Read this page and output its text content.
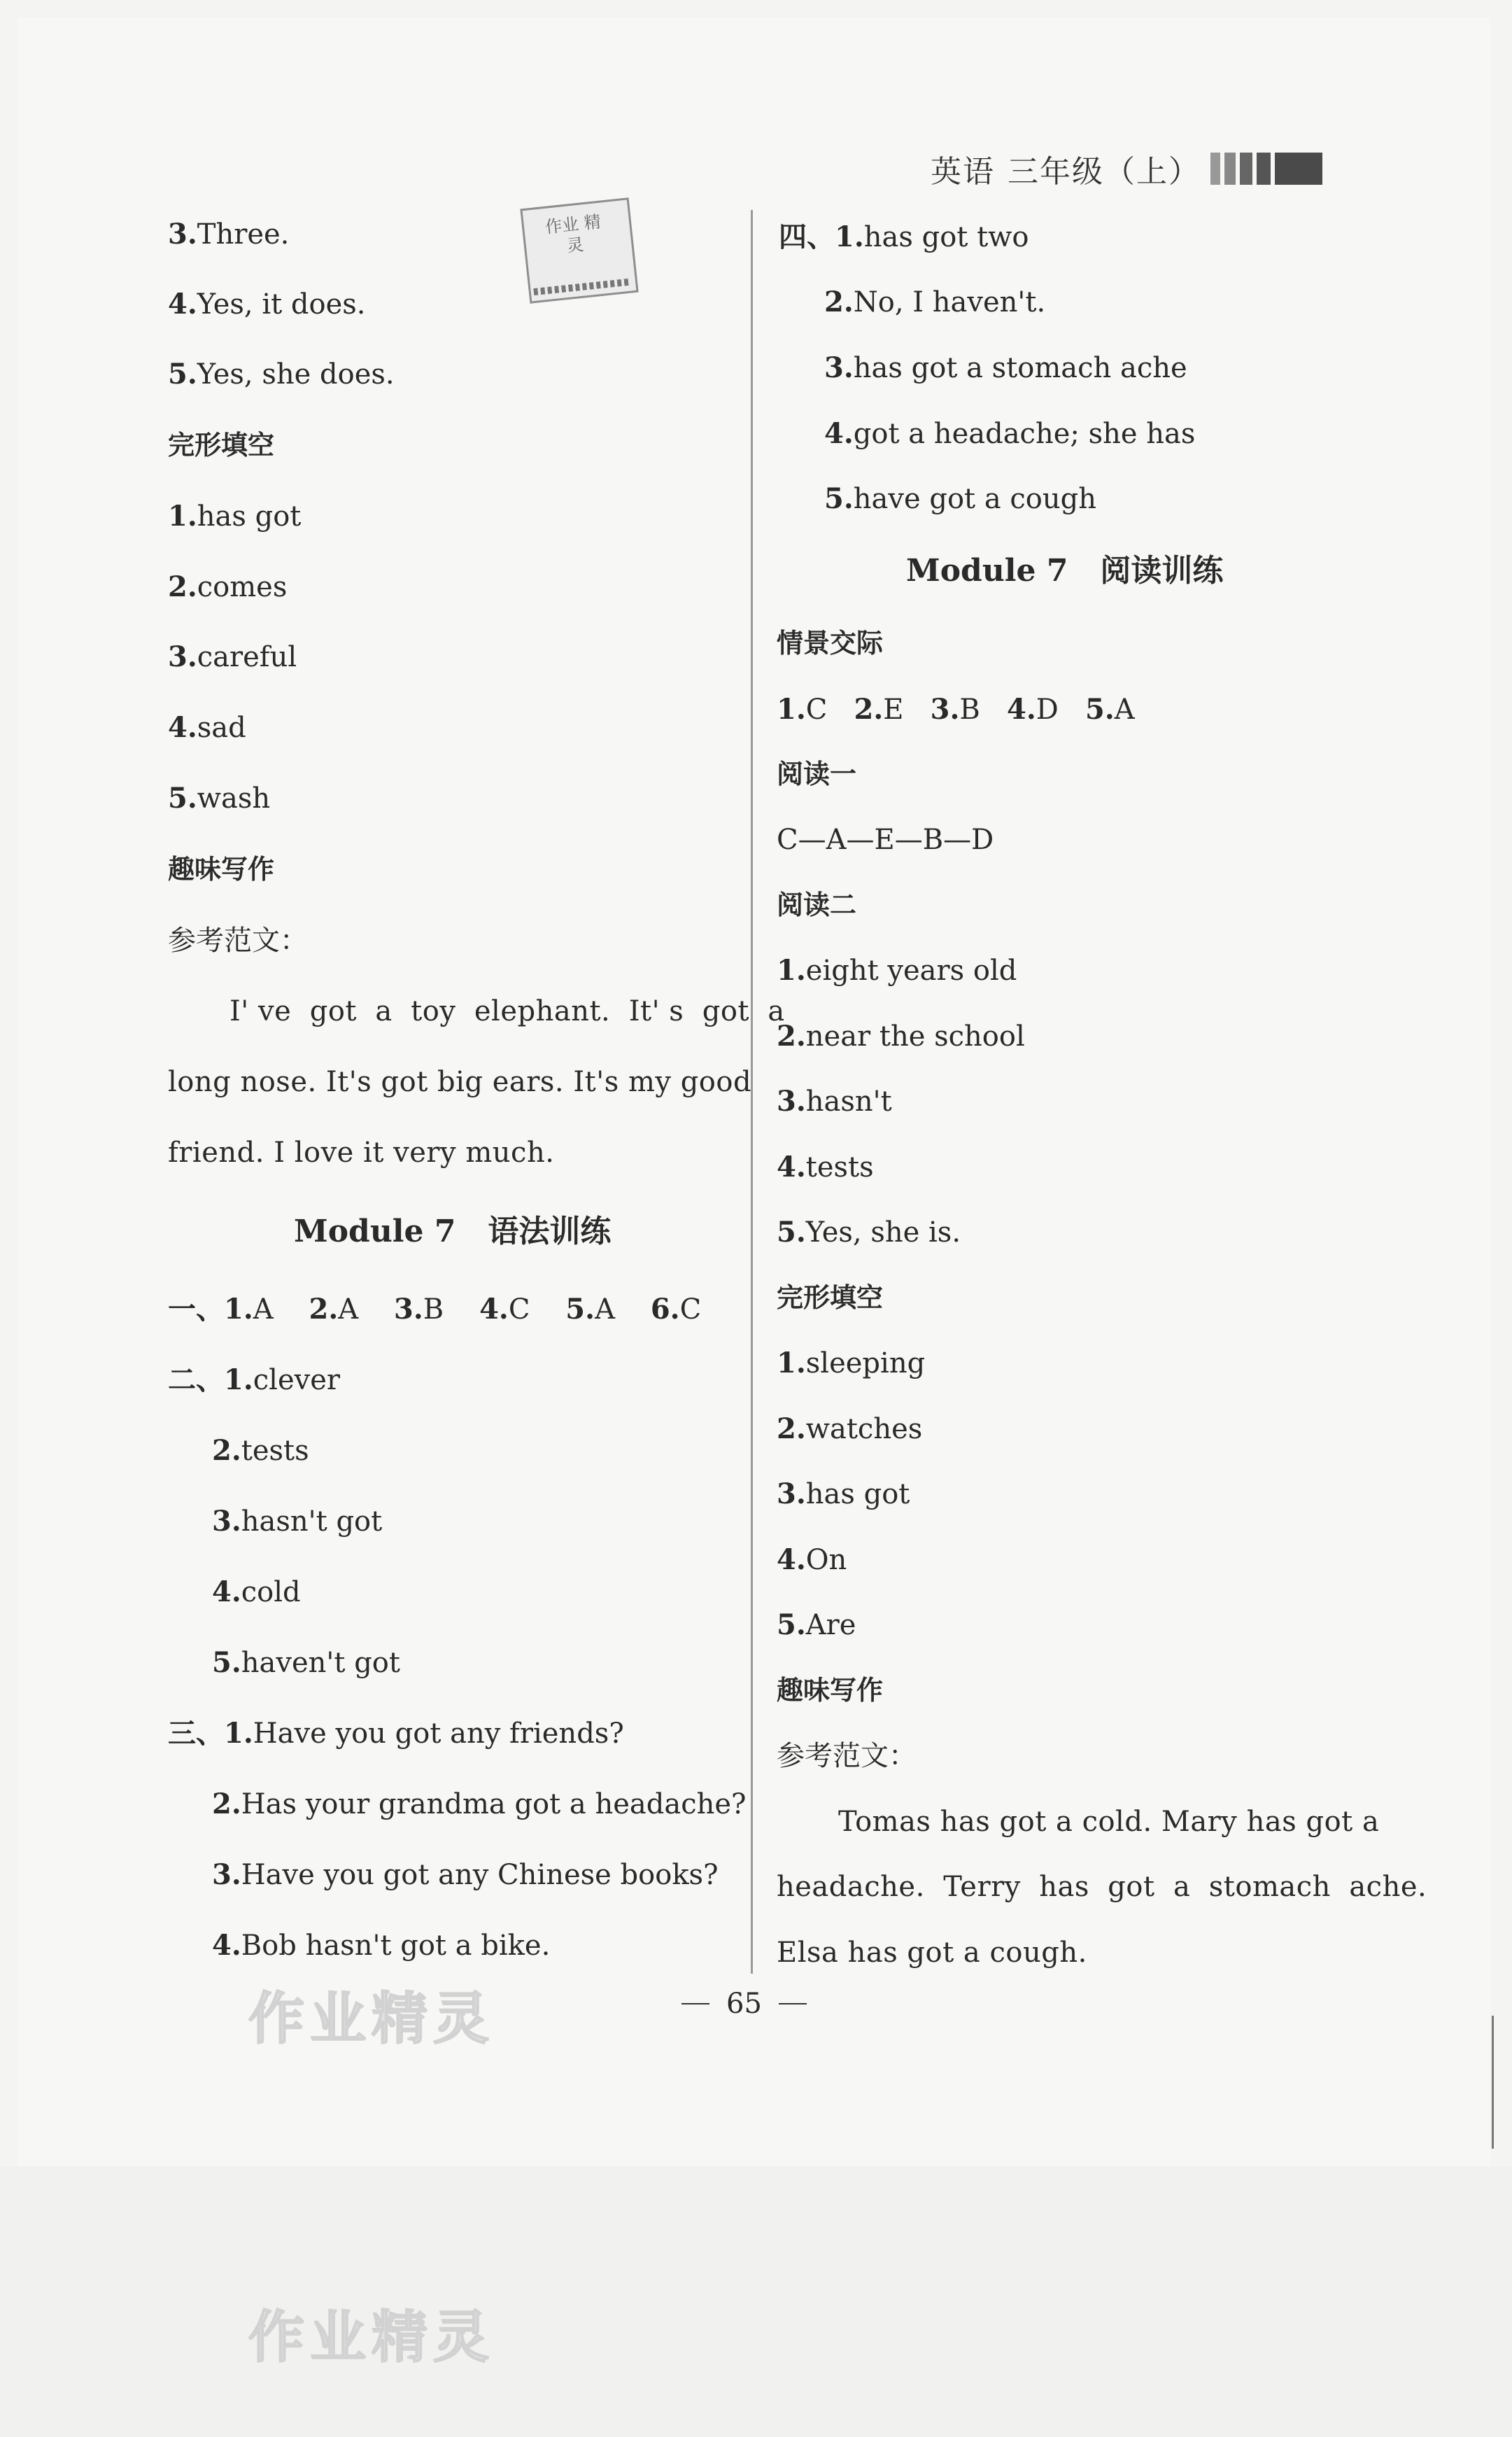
英语 三年级（上）
作业 精灵
3.Three.
4.Yes, it does.
5.Yes, she does.
完形填空
1.has got
2.comes
3.careful
4.sad
5.wash
趣味写作
参考范文：
I' ve  got  a  toy  elephant.  It' s  got  a
long nose. It's got big ears. It's my good
friend. I love it very much.
Module 7   语法训练
一、1.A 2.A 3.B 4.C 5.A 6.C
二、1.clever
2.tests
3.hasn't got
4.cold
5.haven't got
三、1.Have you got any friends?
2.Has your grandma got a headache?
3.Have you got any Chinese books?
4.Bob hasn't got a bike.
四、1.has got two
2.No, I haven't.
3.has got a stomach ache
4.got a headache; she has
5.have got a cough
Module 7   阅读训练
情景交际
1.C 2.E 3.B 4.D 5.A
阅读一
C—A—E—B—D
阅读二
1.eight years old
2.near the school
3.hasn't
4.tests
5.Yes, she is.
完形填空
1.sleeping
2.watches
3.has got
4.On
5.Are
趣味写作
参考范文：
Tomas has got a cold. Mary has got a
headache.  Terry  has  got  a  stomach  ache.
Elsa has got a cough.
65
作业精灵
作业精灵
